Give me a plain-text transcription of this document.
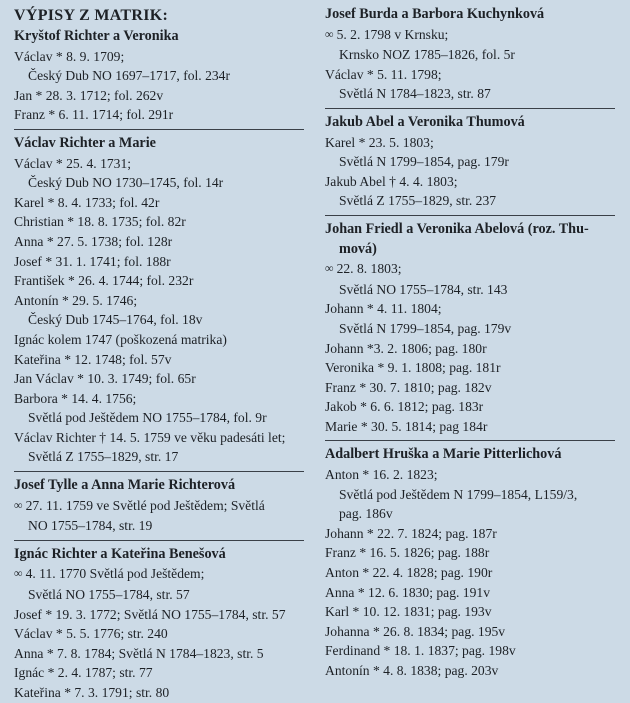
VÝPISY Z MATRIK:
Kryštof Richter a Veronika
Václav * 8. 9. 1709;
Český Dub NO 1697–1717, fol. 234r
Jan * 28. 3. 1712; fol. 262v
Franz * 6. 11. 1714; fol. 291r
Václav Richter a Marie
Václav * 25. 4. 1731;
Český Dub NO 1730–1745, fol. 14r
Karel * 8. 4. 1733; fol. 42r
Christian * 18. 8. 1735; fol. 82r
Anna * 27. 5. 1738; fol. 128r
Josef * 31. 1. 1741; fol. 188r
František * 26. 4. 1744; fol. 232r
Antonín * 29. 5. 1746;
Český Dub 1745–1764, fol. 18v
Ignác kolem 1747 (poškozená matrika)
Kateřina * 12. 1748; fol. 57v
Jan Václav * 10. 3. 1749; fol. 65r
Barbora * 14. 4. 1756;
Světlá pod Ještědem NO 1755–1784, fol. 9r
Václav Richter † 14. 5. 1759 ve věku padesáti let;
Světlá Z 1755–1829, str. 17
Josef Tylle a Anna Marie Richterová
∞ 27. 11. 1759 ve Světlé pod Ještědem; Světlá
NO 1755–1784, str. 19
Ignác Richter a Kateřina Benešová
∞ 4. 11. 1770 Světlá pod Ještědem;
Světlá NO 1755–1784, str. 57
Josef * 19. 3. 1772; Světlá NO 1755–1784, str. 57
Václav * 5. 5. 1776; str. 240
Anna * 7. 8. 1784; Světlá N 1784–1823, str. 5
Ignác * 2. 4. 1787; str. 77
Kateřina * 7. 3. 1791; str. 80
Josef Burda a Barbora Kuchynková
∞ 5. 2. 1798 v Krnsku;
Krnsko NOZ 1785–1826, fol. 5r
Václav * 5. 11. 1798;
Světlá N 1784–1823, str. 87
Jakub Abel a Veronika Thumová
Karel * 23. 5. 1803;
Světlá N 1799–1854, pag. 179r
Jakub Abel † 4. 4. 1803;
Světlá Z 1755–1829, str. 237
Johan Friedl a Veronika Abelová (roz. Thu-
mová)
∞ 22. 8. 1803;
Světlá NO 1755–1784, str. 143
Johann * 4. 11. 1804;
Světlá N 1799–1854, pag. 179v
Johann *3. 2. 1806; pag. 180r
Veronika * 9. 1. 1808; pag. 181r
Franz * 30. 7. 1810; pag. 182v
Jakob * 6. 6. 1812; pag. 183r
Marie * 30. 5. 1814; pag 184r
Adalbert Hruška a Marie Pitterlichová
Anton * 16. 2. 1823;
Světlá pod Ještědem N 1799–1854, L159/3,
pag. 186v
Johann * 22. 7. 1824; pag. 187r
Franz * 16. 5. 1826; pag. 188r
Anton * 22. 4. 1828; pag. 190r
Anna * 12. 6. 1830; pag. 191v
Karl * 10. 12. 1831; pag. 193v
Johanna * 26. 8. 1834; pag. 195v
Ferdinand * 18. 1. 1837; pag. 198v
Antonín * 4. 8. 1838; pag. 203v
